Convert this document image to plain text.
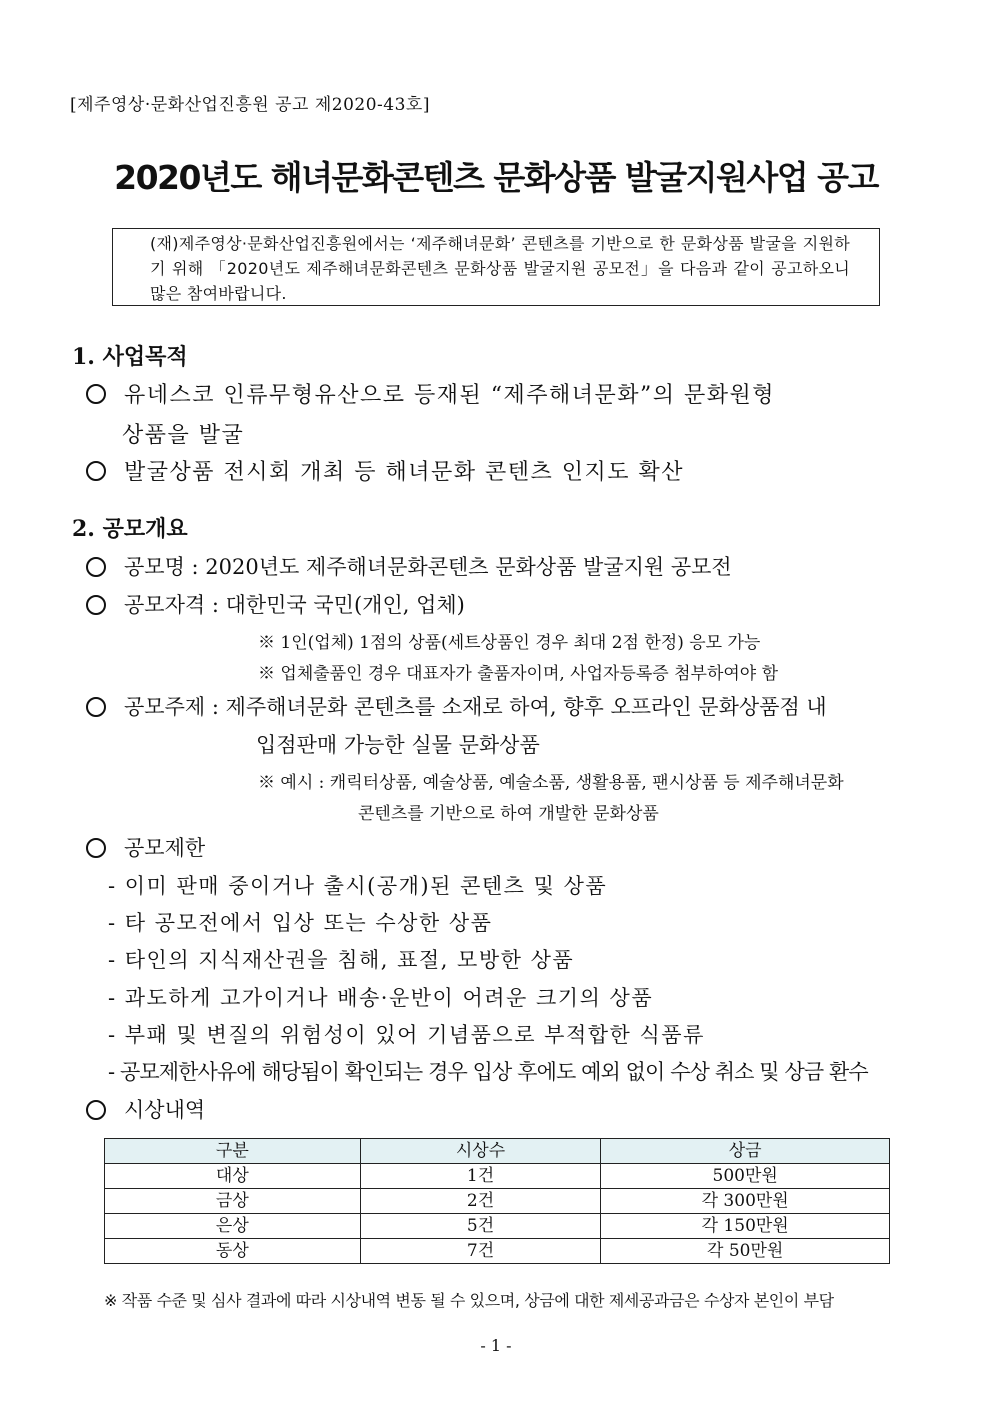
[제주영상·문화산업진흥원 공고 제2020-43호]
2020년도 해녀문화콘텐츠 문화상품 발굴지원사업 공고
(재)제주영상·문화산업진흥원에서는 ‘제주해녀문화’ 콘텐츠를 기반으로 한 문화상품 발굴을 지원하기 위해 「2020년도 제주해녀문화콘텐츠 문화상품 발굴지원 공모전」을 다음과 같이 공고하오니 많은 참여바랍니다.
1. 사업목적
유네스코 인류무형유산으로 등재된 “제주해녀문화”의 문화원형
상품을 발굴
발굴상품 전시회 개최 등 해녀문화 콘텐츠 인지도 확산
2. 공모개요
공모명 : 2020년도 제주해녀문화콘텐츠 문화상품 발굴지원 공모전
공모자격 : 대한민국 국민(개인, 업체)
※ 1인(업체) 1점의 상품(세트상품인 경우 최대 2점 한정) 응모 가능
※ 업체출품인 경우 대표자가 출품자이며, 사업자등록증 첨부하여야 함
공모주제 : 제주해녀문화 콘텐츠를 소재로 하여, 향후 오프라인 문화상품점 내
입점판매 가능한 실물 문화상품
※ 예시 : 캐릭터상품, 예술상품, 예술소품, 생활용품, 팬시상품 등 제주해녀문화
콘텐츠를 기반으로 하여 개발한 문화상품
공모제한
- 이미 판매 중이거나 출시(공개)된 콘텐츠 및 상품
- 타 공모전에서 입상 또는 수상한 상품
- 타인의 지식재산권을 침해, 표절, 모방한 상품
- 과도하게 고가이거나 배송·운반이 어려운 크기의 상품
- 부패 및 변질의 위험성이 있어 기념품으로 부적합한 식품류
- 공모제한사유에 해당됨이 확인되는 경우 입상 후에도 예외 없이 수상 취소 및 상금 환수
시상내역
구분	시상수	상금
대상	1건	500만원
금상	2건	각 300만원
은상	5건	각 150만원
동상	7건	각 50만원
※ 작품 수준 및 심사 결과에 따라 시상내역 변동 될 수 있으며, 상금에 대한 제세공과금은 수상자 본인이 부담
- 1 -
